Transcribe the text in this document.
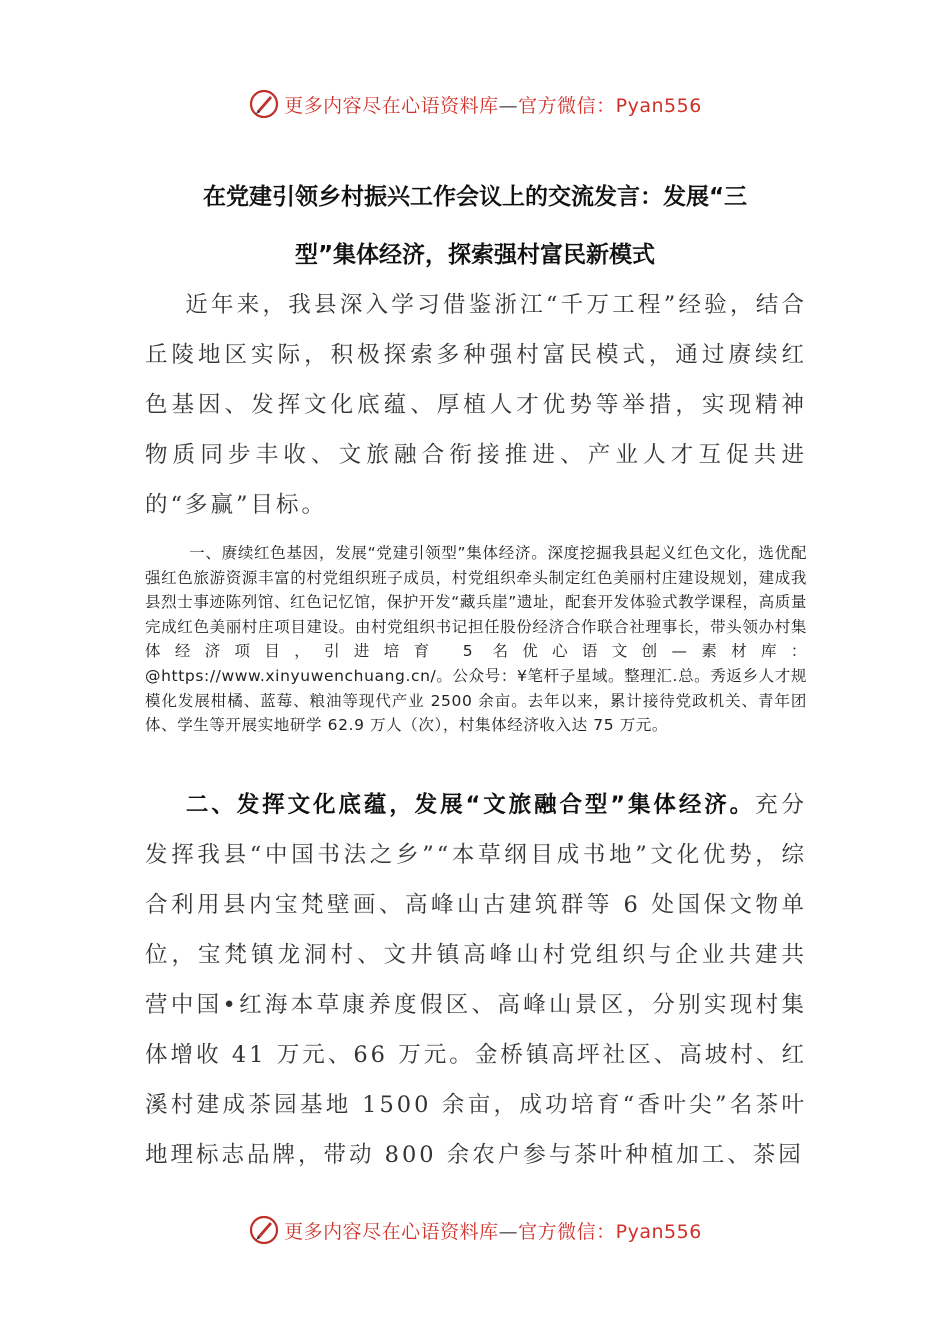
更多内容尽在心语资料库—官方微信：Pyan556
在党建引领乡村振兴工作会议上的交流发言：发展“三
型”集体经济，探索强村富民新模式
近年来，我县深入学习借鉴浙江“千万工程”经验，结合丘陵地区实际，积极探索多种强村富民模式，通过赓续红色基因、发挥文化底蕴、厚植人才优势等举措，实现精神物质同步丰收、文旅融合衔接推进、产业人才互促共进的“多赢”目标。
一、赓续红色基因，发展“党建引领型”集体经济。深度挖掘我县起义红色文化，选优配强红色旅游资源丰富的村党组织班子成员，村党组织牵头制定红色美丽村庄建设规划，建成我县烈士事迹陈列馆、红色记忆馆，保护开发“藏兵崖”遗址，配套开发体验式教学课程，高质量完成红色美丽村庄项目建设。由村党组织书记担任股份经济合作联合社理事长，带头领办村集体经济项目，引进培育 5 名优心语文创—素材库：@https://www.xinyuwenchuang.cn/。公众号：¥笔杆子星域。整理汇.总。秀返乡人才规模化发展柑橘、蓝莓、粮油等现代产业 2500 余亩。去年以来，累计接待党政机关、青年团体、学生等开展实地研学 62.9 万人（次），村集体经济收入达 75 万元。
二、发挥文化底蕴，发展“文旅融合型”集体经济。充分发挥我县“中国书法之乡”“本草纲目成书地”文化优势，综合利用县内宝梵壁画、高峰山古建筑群等 6 处国保文物单位，宝梵镇龙洞村、文井镇高峰山村党组织与企业共建共营中国•红海本草康养度假区、高峰山景区，分别实现村集体增收 41 万元、66 万元。金桥镇高坪社区、高坡村、红溪村建成茶园基地 1500 余亩，成功培育“香叶尖”名茶叶地理标志品牌，带动 800 余农户参与茶叶种植加工、茶园
更多内容尽在心语资料库—官方微信：Pyan556
